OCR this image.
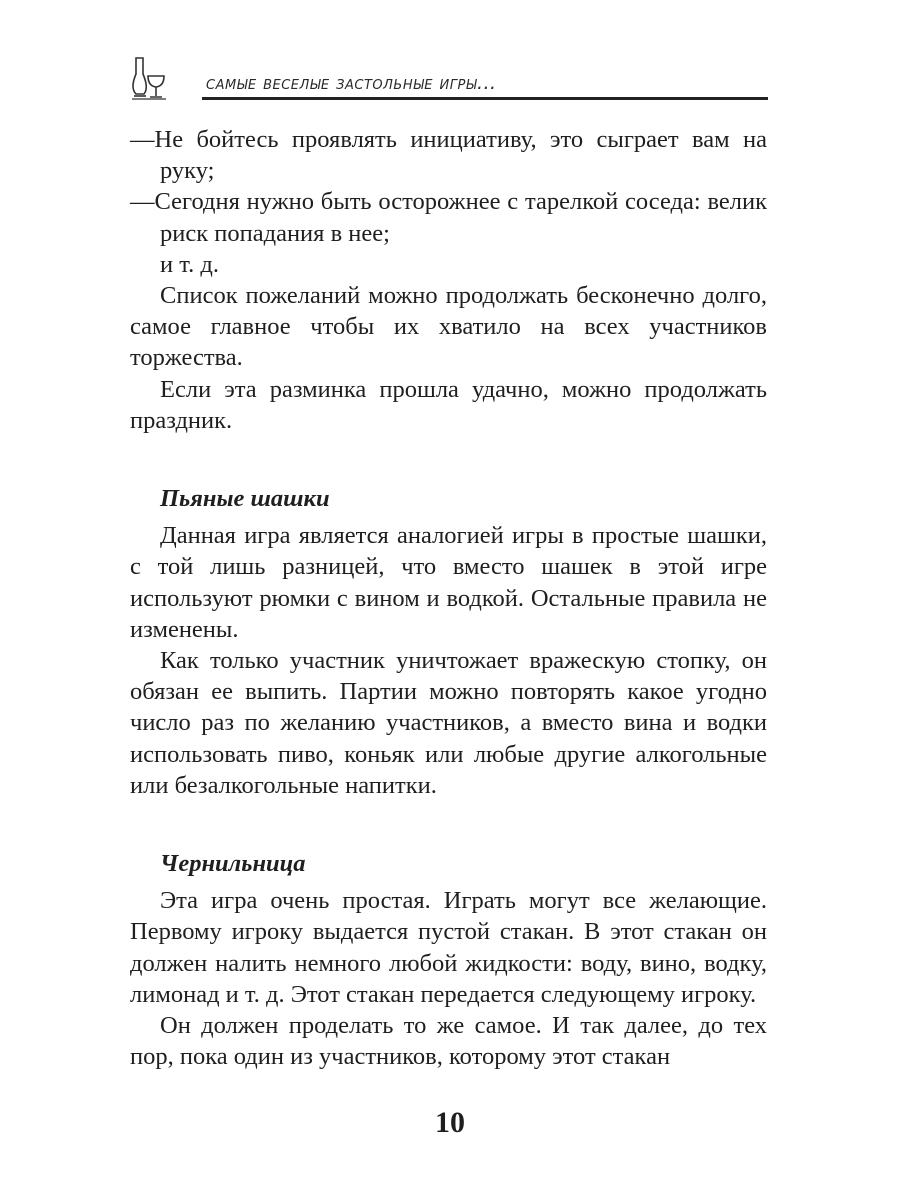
самые веселые застольные игры...

—Не бойтесь проявлять инициативу, это сыграет вам на руку;

—Сегодня нужно быть осторожнее с тарелкой соседа: велик риск попадания в нее;

и т. д.

Список пожеланий можно продолжать бесконечно долго, самое главное чтобы их хватило на всех участников торжества.

Если эта разминка прошла удачно, можно продолжать праздник.

Пьяные шашки

Данная игра является аналогией игры в простые шашки, с той лишь разницей, что вместо шашек в этой игре используют рюмки с вином и водкой. Остальные правила не изменены.

Как только участник уничтожает вражескую стопку, он обязан ее выпить. Партии можно повторять какое угодно число раз по желанию участников, а вместо вина и водки использовать пиво, коньяк или любые другие алкогольные или безалкогольные напитки.

Чернильница

Эта игра очень простая. Играть могут все желающие. Первому игроку выдается пустой стакан. В этот стакан он должен налить немного любой жидкости: воду, вино, водку, лимонад и т. д. Этот стакан передается следующему игроку.

Он должен проделать то же самое. И так далее, до тех пор, пока один из участников, которому этот стакан

10
